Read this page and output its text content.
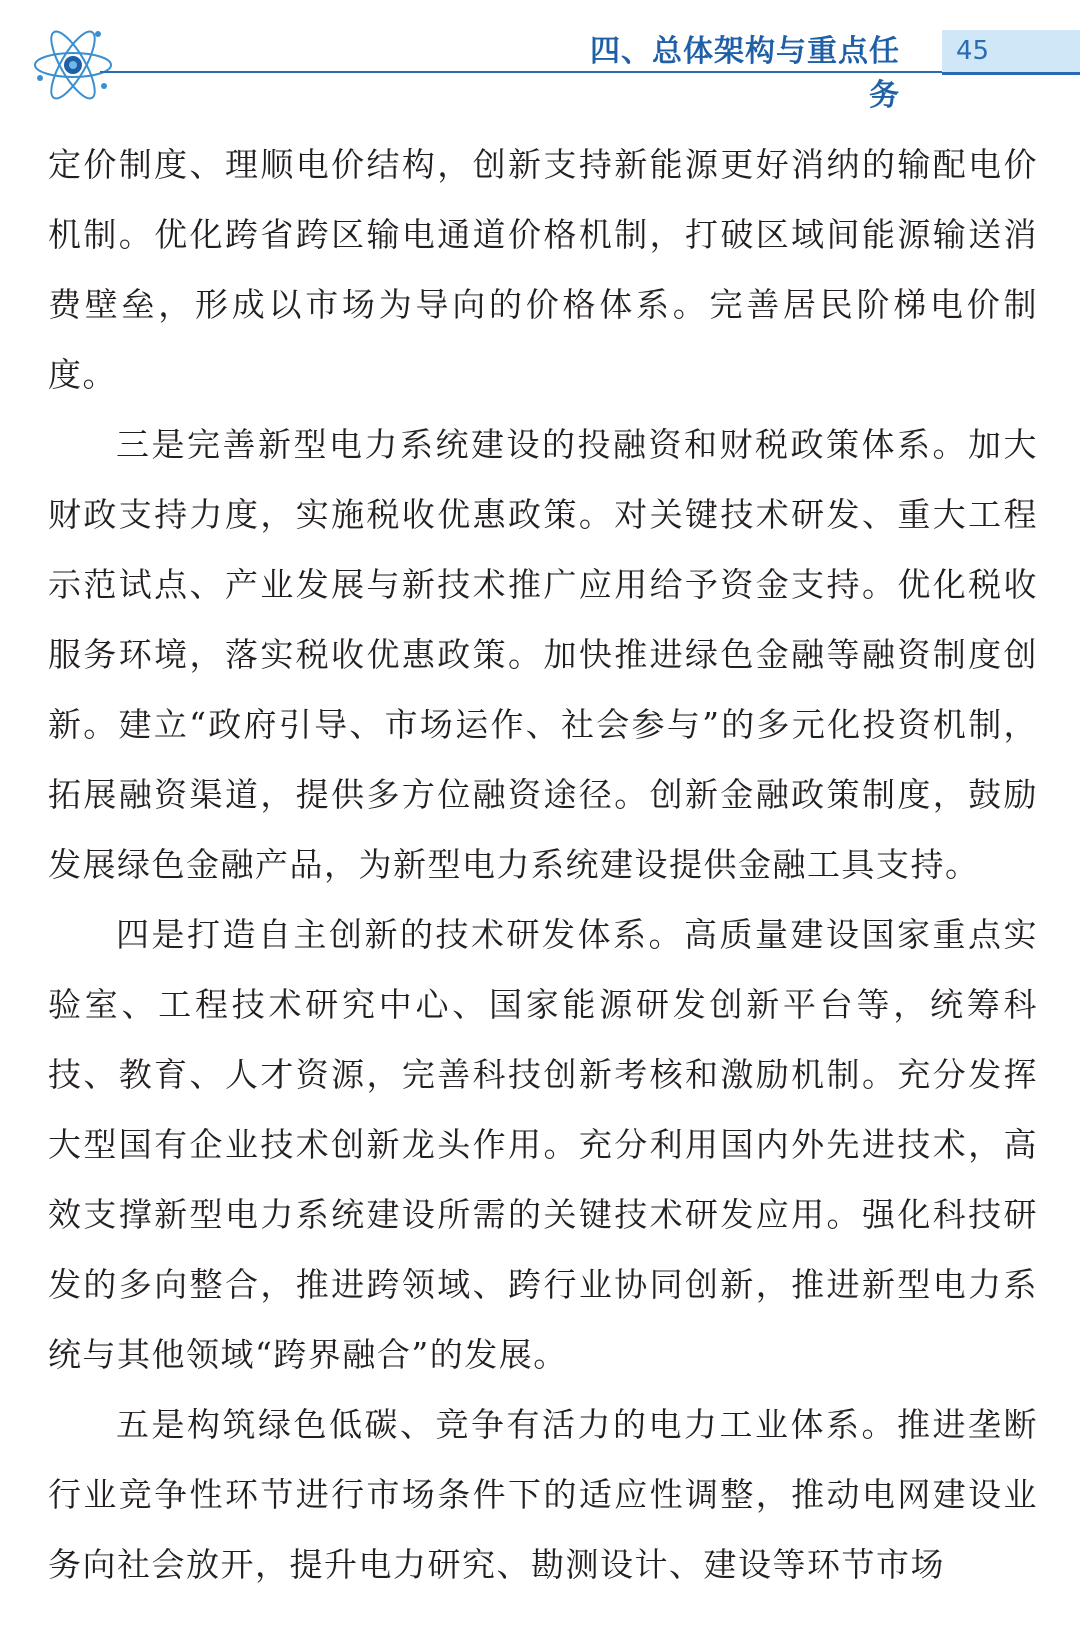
四、总体架构与重点任务
45

定价制度、理顺电价结构，创新支持新能源更好消纳的输配电价机制。优化跨省跨区输电通道价格机制，打破区域间能源输送消费壁垒，形成以市场为导向的价格体系。完善居民阶梯电价制度。

三是完善新型电力系统建设的投融资和财税政策体系。加大财政支持力度，实施税收优惠政策。对关键技术研发、重大工程示范试点、产业发展与新技术推广应用给予资金支持。优化税收服务环境，落实税收优惠政策。加快推进绿色金融等融资制度创新。建立“政府引导、市场运作、社会参与”的多元化投资机制，拓展融资渠道，提供多方位融资途径。创新金融政策制度，鼓励发展绿色金融产品，为新型电力系统建设提供金融工具支持。

四是打造自主创新的技术研发体系。高质量建设国家重点实验室、工程技术研究中心、国家能源研发创新平台等，统筹科技、教育、人才资源，完善科技创新考核和激励机制。充分发挥大型国有企业技术创新龙头作用。充分利用国内外先进技术，高效支撑新型电力系统建设所需的关键技术研发应用。强化科技研发的多向整合，推进跨领域、跨行业协同创新，推进新型电力系统与其他领域“跨界融合”的发展。

五是构筑绿色低碳、竞争有活力的电力工业体系。推进垄断行业竞争性环节进行市场条件下的适应性调整，推动电网建设业务向社会放开，提升电力研究、勘测设计、建设等环节市场
